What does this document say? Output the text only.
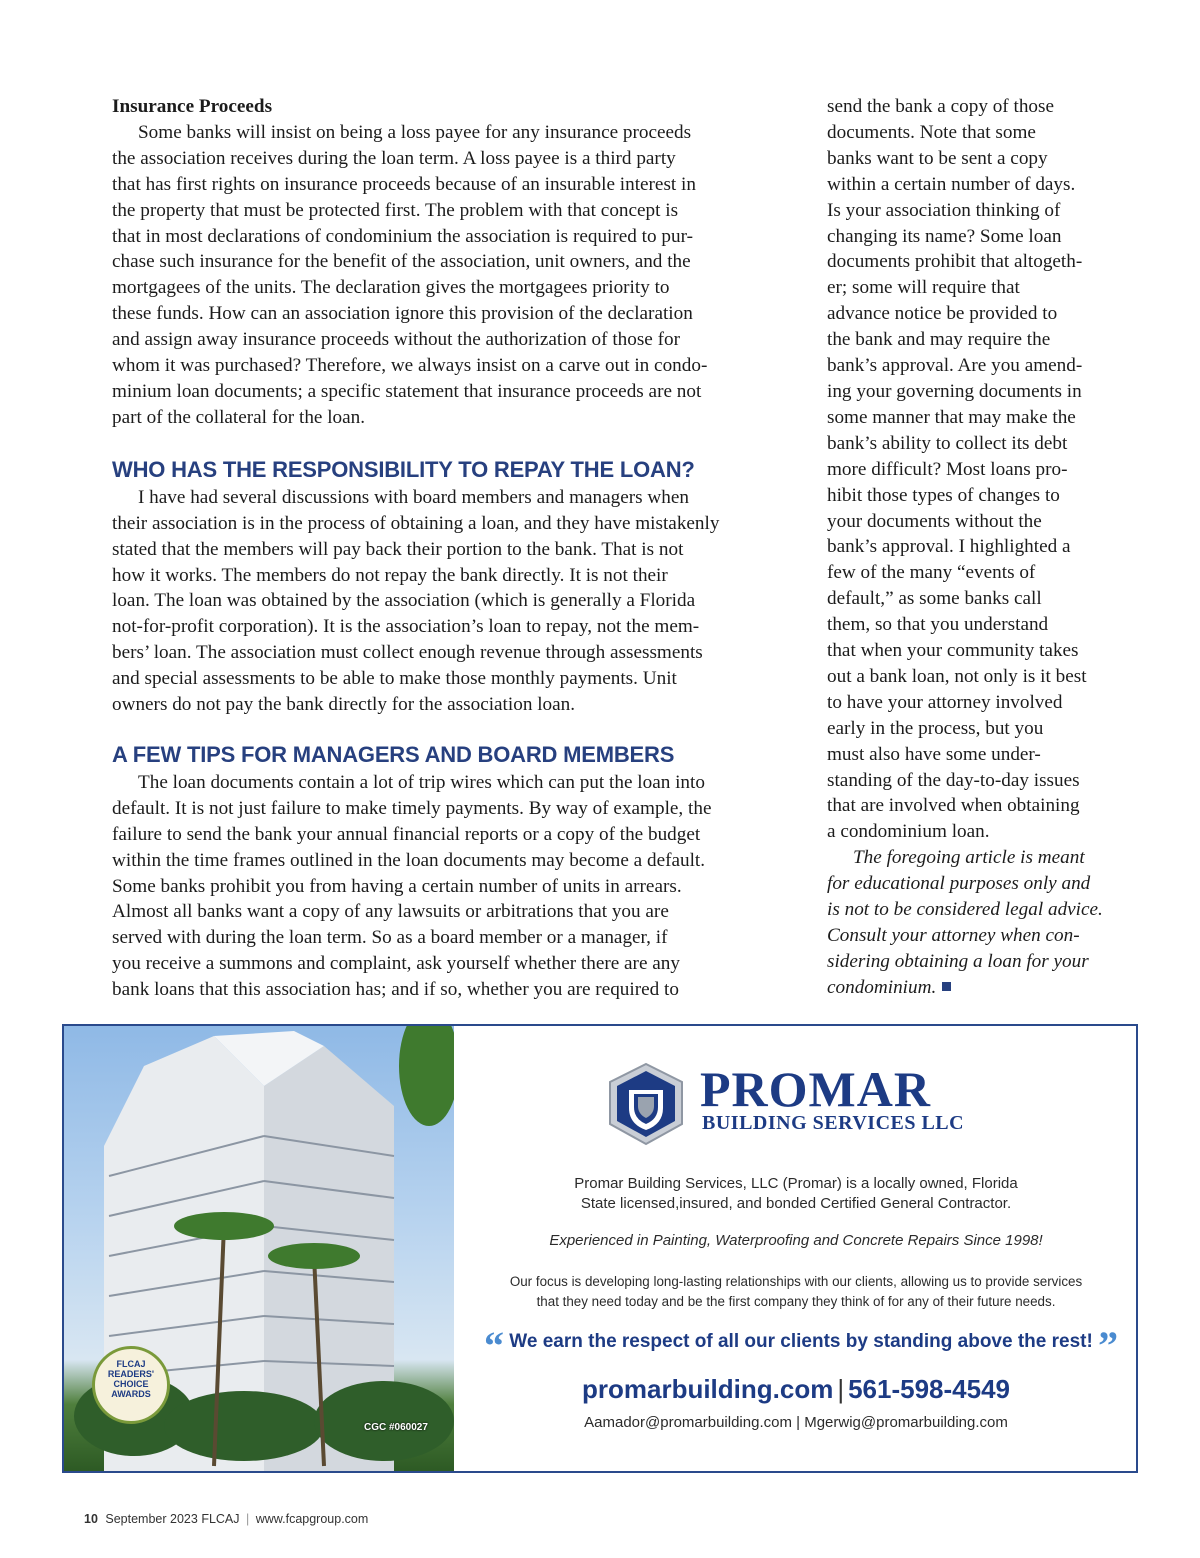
Insurance Proceeds
Some banks will insist on being a loss payee for any insurance proceeds
the association receives during the loan term. A loss payee is a third party
that has first rights on insurance proceeds because of an insurable interest in
the property that must be protected first. The problem with that concept is
that in most declarations of condominium the association is required to pur-
chase such insurance for the benefit of the association, unit owners, and the
mortgagees of the units. The declaration gives the mortgagees priority to
these funds. How can an association ignore this provision of the declaration
and assign away insurance proceeds without the authorization of those for
whom it was purchased? Therefore, we always insist on a carve out in condo-
minium loan documents; a specific statement that insurance proceeds are not
part of the collateral for the loan.
WHO HAS THE RESPONSIBILITY TO REPAY THE LOAN?
I have had several discussions with board members and managers when
their association is in the process of obtaining a loan, and they have mistakenly
stated that the members will pay back their portion to the bank. That is not
how it works. The members do not repay the bank directly. It is not their
loan. The loan was obtained by the association (which is generally a Florida
not-for-profit corporation). It is the association’s loan to repay, not the mem-
bers’ loan. The association must collect enough revenue through assessments
and special assessments to be able to make those monthly payments. Unit
owners do not pay the bank directly for the association loan.
A FEW TIPS FOR MANAGERS AND BOARD MEMBERS
The loan documents contain a lot of trip wires which can put the loan into
default. It is not just failure to make timely payments. By way of example, the
failure to send the bank your annual financial reports or a copy of the budget
within the time frames outlined in the loan documents may become a default.
Some banks prohibit you from having a certain number of units in arrears.
Almost all banks want a copy of any lawsuits or arbitrations that you are
served with during the loan term. So as a board member or a manager, if
you receive a summons and complaint, ask yourself whether there are any
bank loans that this association has; and if so, whether you are required to
send the bank a copy of those
documents. Note that some
banks want to be sent a copy
within a certain number of days.
Is your association thinking of
changing its name? Some loan
documents prohibit that altogeth-
er; some will require that
advance notice be provided to
the bank and may require the
bank’s approval. Are you amend-
ing your governing documents in
some manner that may make the
bank’s ability to collect its debt
more difficult? Most loans pro-
hibit those types of changes to
your documents without the
bank’s approval. I highlighted a
few of the many “events of
default,” as some banks call
them, so that you understand
that when your community takes
out a bank loan, not only is it best
to have your attorney involved
early in the process, but you
must also have some under-
standing of the day-to-day issues
that are involved when obtaining
a condominium loan.
The foregoing article is meant
for educational purposes only and
is not to be considered legal advice.
Consult your attorney when con-
sidering obtaining a loan for your
condominium.
FLCAJ
READERS'
CHOICE
AWARDS
CGC #060027
PROMAR
BUILDING SERVICES LLC
Promar Building Services, LLC (Promar) is a locally owned, Florida
State licensed,insured, and bonded Certified General Contractor.
Experienced in Painting, Waterproofing and Concrete Repairs Since 1998!
Our focus is developing long-lasting relationships with our clients, allowing us to provide services
that they need today and be the first company they think of for any of their future needs.
“ We earn the respect of all our clients by standing above the rest! ”
promarbuilding.com | 561-598-4549
Aamador@promarbuilding.com | Mgerwig@promarbuilding.com
10 September 2023 FLCAJ | www.fcapgroup.com
